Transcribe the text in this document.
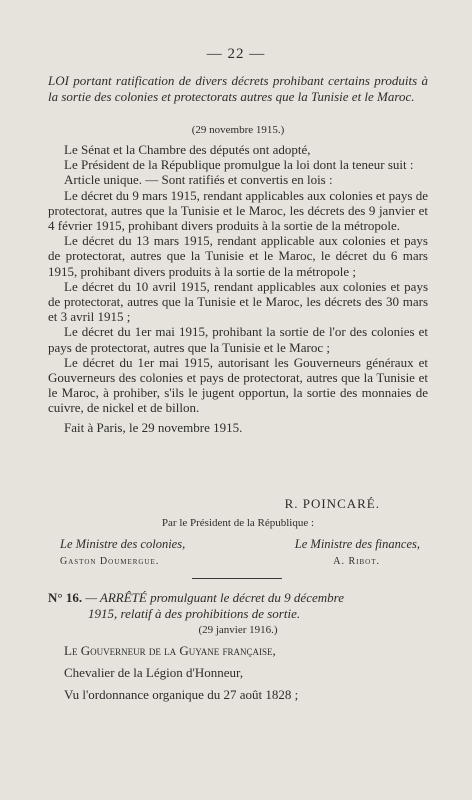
— 22 —
LOI portant ratification de divers décrets prohibant certains produits à la sortie des colonies et protectorats autres que la Tunisie et le Maroc.
(29 novembre 1915.)

Le Sénat et la Chambre des députés ont adopté,

Le Président de la République promulgue la loi dont la teneur suit :

Article unique. — Sont ratifiés et convertis en lois :

Le décret du 9 mars 1915, rendant applicables aux colonies et pays de protectorat, autres que la Tunisie et le Maroc, les décrets des 9 janvier et 4 février 1915, prohibant divers produits à la sortie de la métropole.

Le décret du 13 mars 1915, rendant applicable aux colonies et pays de protectorat, autres que la Tunisie et le Maroc, le décret du 6 mars 1915, prohibant divers produits à la sortie de la métropole ;

Le décret du 10 avril 1915, rendant applicables aux colonies et pays de protectorat, autres que la Tunisie et le Maroc, les décrets des 30 mars et 3 avril 1915 ;

Le décret du 1er mai 1915, prohibant la sortie de l'or des colonies et pays de protectorat, autres que la Tunisie et le Maroc ;

Le décret du 1er mai 1915, autorisant les Gouverneurs généraux et Gouverneurs des colonies et pays de protectorat, autres que la Tunisie et le Maroc, à prohiber, s'ils le jugent opportun, la sortie des monnaies de cuivre, de nickel et de billon.

Fait à Paris, le 29 novembre 1915.

R. POINCARÉ.
Par le Président de la République :
Le Ministre des colonies,	Le Ministre des finances,
Gaston Doumergue.	A. Ribot.
N° 16. — ARRÊTÉ promulguant le décret du 9 décembre
1915, relatif à des prohibitions de sortie.
(29 janvier 1916.)

Le Gouverneur de la Guyane française,

Chevalier de la Légion d'Honneur,

Vu l'ordonnance organique du 27 août 1828 ;
